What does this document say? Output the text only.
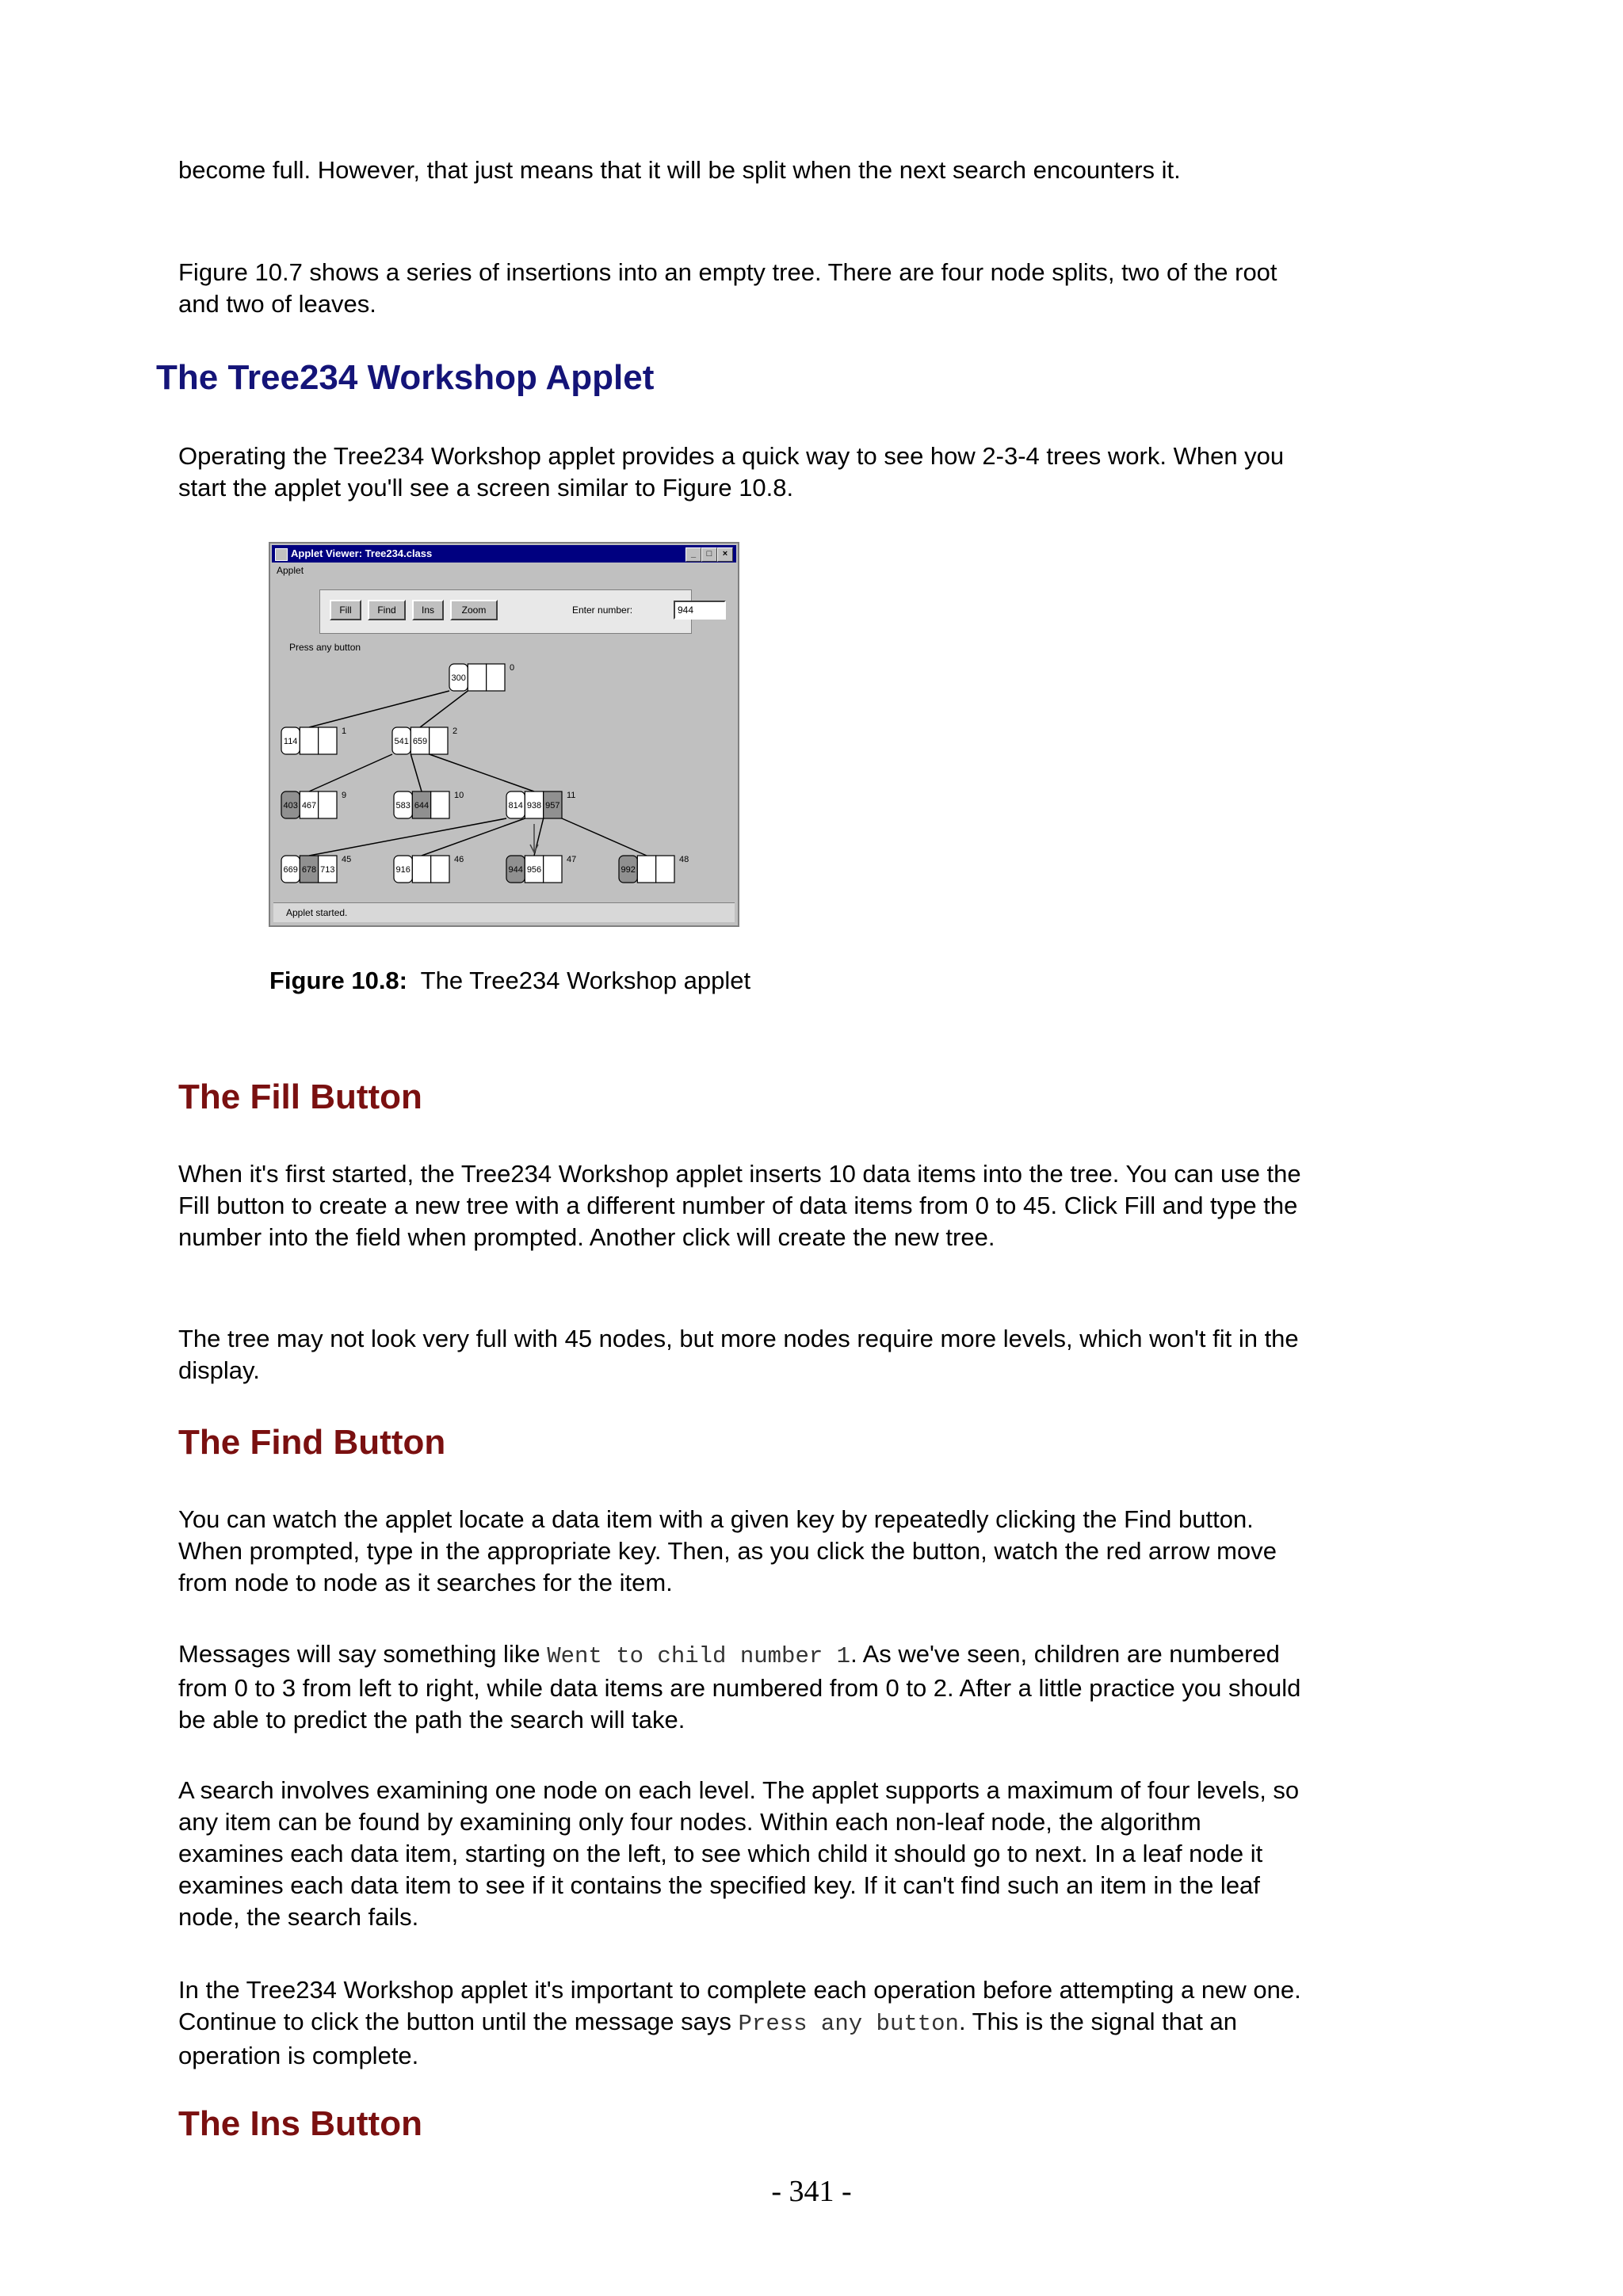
become full. However, that just means that it will be split when the next search encounters it.

Figure 10.7 shows a series of insertions into an empty tree. There are four node splits, two of the root and two of leaves.

The Tree234 Workshop Applet

Operating the Tree234 Workshop applet provides a quick way to see how 2-3-4 trees work. When you start the applet you'll see a screen similar to Figure 10.8.

Applet Viewer: Tree234.class	_	□	×
Applet
Fill	Find	Ins	Zoom	Enter number:	944
Press any button
300
0
114
1
541 659
2
403 467
9
583 644
10
814 938 957
11
669 678 713
45
916
46
944 956
47
992
48
Applet started.
Figure 10.8: The Tree234 Workshop applet
The Fill Button

When it's first started, the Tree234 Workshop applet inserts 10 data items into the tree. You can use the Fill button to create a new tree with a different number of data items from 0 to 45. Click Fill and type the number into the field when prompted. Another click will create the new tree.

The tree may not look very full with 45 nodes, but more nodes require more levels, which won't fit in the display.

The Find Button

You can watch the applet locate a data item with a given key by repeatedly clicking the Find button. When prompted, type in the appropriate key. Then, as you click the button, watch the red arrow move from node to node as it searches for the item.

Messages will say something like Went to child number 1. As we've seen, children are numbered from 0 to 3 from left to right, while data items are numbered from 0 to 2. After a little practice you should be able to predict the path the search will take.

A search involves examining one node on each level. The applet supports a maximum of four levels, so any item can be found by examining only four nodes. Within each non-leaf node, the algorithm examines each data item, starting on the left, to see which child it should go to next. In a leaf node it examines each data item to see if it contains the specified key. If it can't find such an item in the leaf node, the search fails.

In the Tree234 Workshop applet it's important to complete each operation before attempting a new one. Continue to click the button until the message says Press any button. This is the signal that an operation is complete.

The Ins Button
- 341 -
